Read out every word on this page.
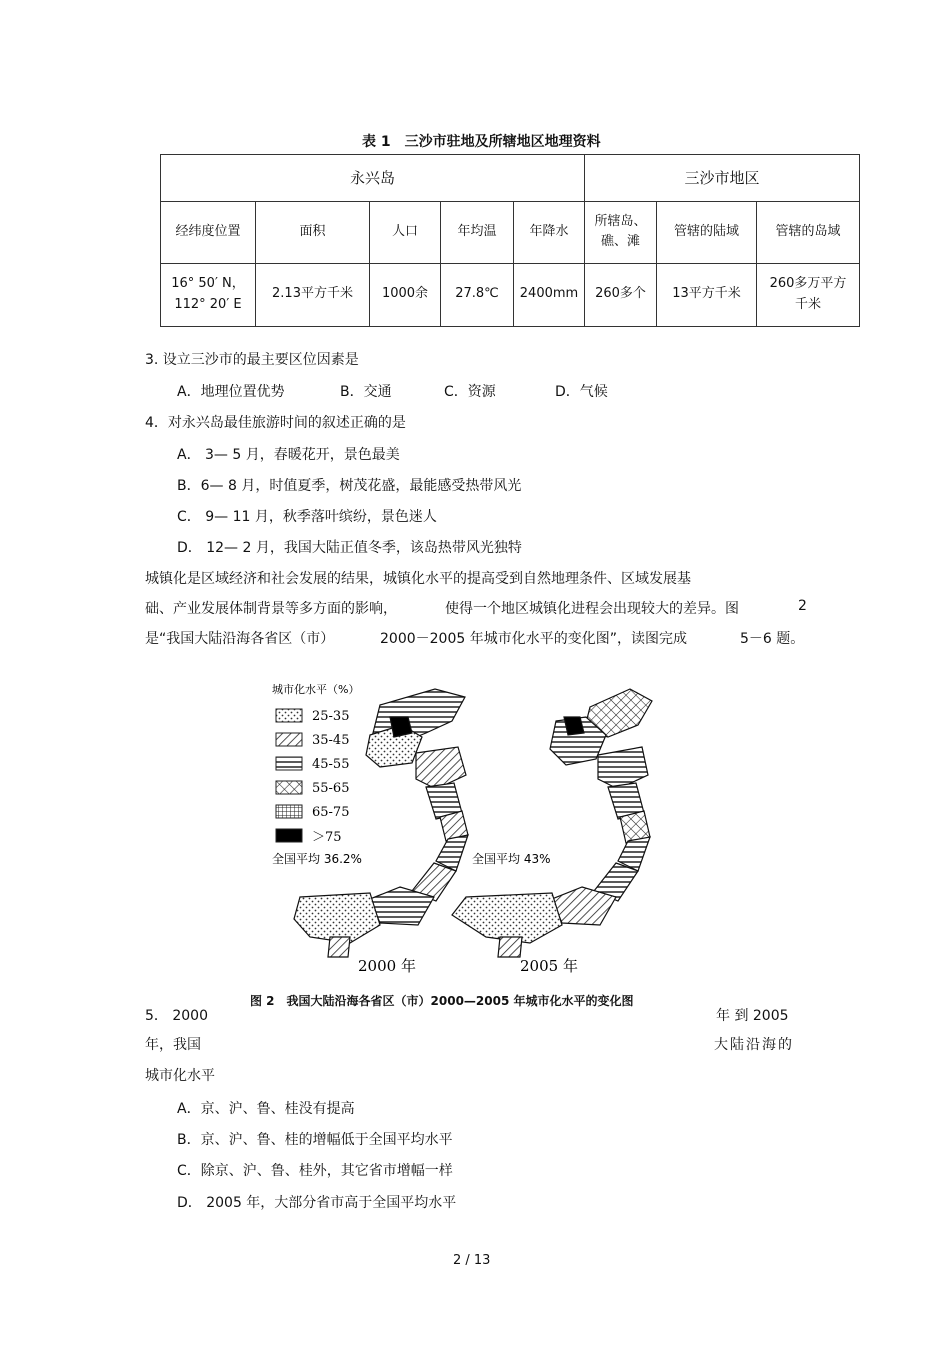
表 1　三沙市驻地及所辖地区地理资料
永兴岛					三沙市地区		
经纬度位置	面积	人口	年均温	年降水	所辖岛、礁、滩	管辖的陆域	管辖的岛域

16° 50′ N，
112° 20′ E	2.13平方千米	1000余	27.8℃	2400mm	260多个	13平方千米	260多万平方千米
3. 设立三沙市的最主要区位因素是
A．地理位置优势	B．交通	C．资源	D．气候
4．对永兴岛最佳旅游时间的叙述正确的是
A． 3— 5 月，春暖花开，景色最美
B．6— 8 月，时值夏季，树茂花盛，最能感受热带风光
C． 9— 11 月，秋季落叶缤纷，景色迷人
D． 12— 2 月，我国大陆正值冬季，该岛热带风光独特
城镇化是区域经济和社会发展的结果，城镇化水平的提高受到自然地理条件、区域发展基
础、产业发展体制背景等多方面的影响，	使得一个地区城镇化进程会出现较大的差异。图	2
是“我国大陆沿海各省区（市）	2000－2005 年城市化水平的变化图”，读图完成	5－6 题。
城市化水平（%）
25-35
35-45
45-55
55-65
65-75
＞75
全国平均 36.2%	全国平均 43%
2000 年	2005 年
图 2　我国大陆沿海各省区（市）2000—2005 年城市化水平的变化图
5． 2000	年 到 2005
年，我国	大陆沿海的
城市化水平
A．京、沪、鲁、桂没有提高
B．京、沪、鲁、桂的增幅低于全国平均水平
C．除京、沪、鲁、桂外，其它省市增幅一样
D． 2005 年，大部分省市高于全国平均水平
2 / 13
